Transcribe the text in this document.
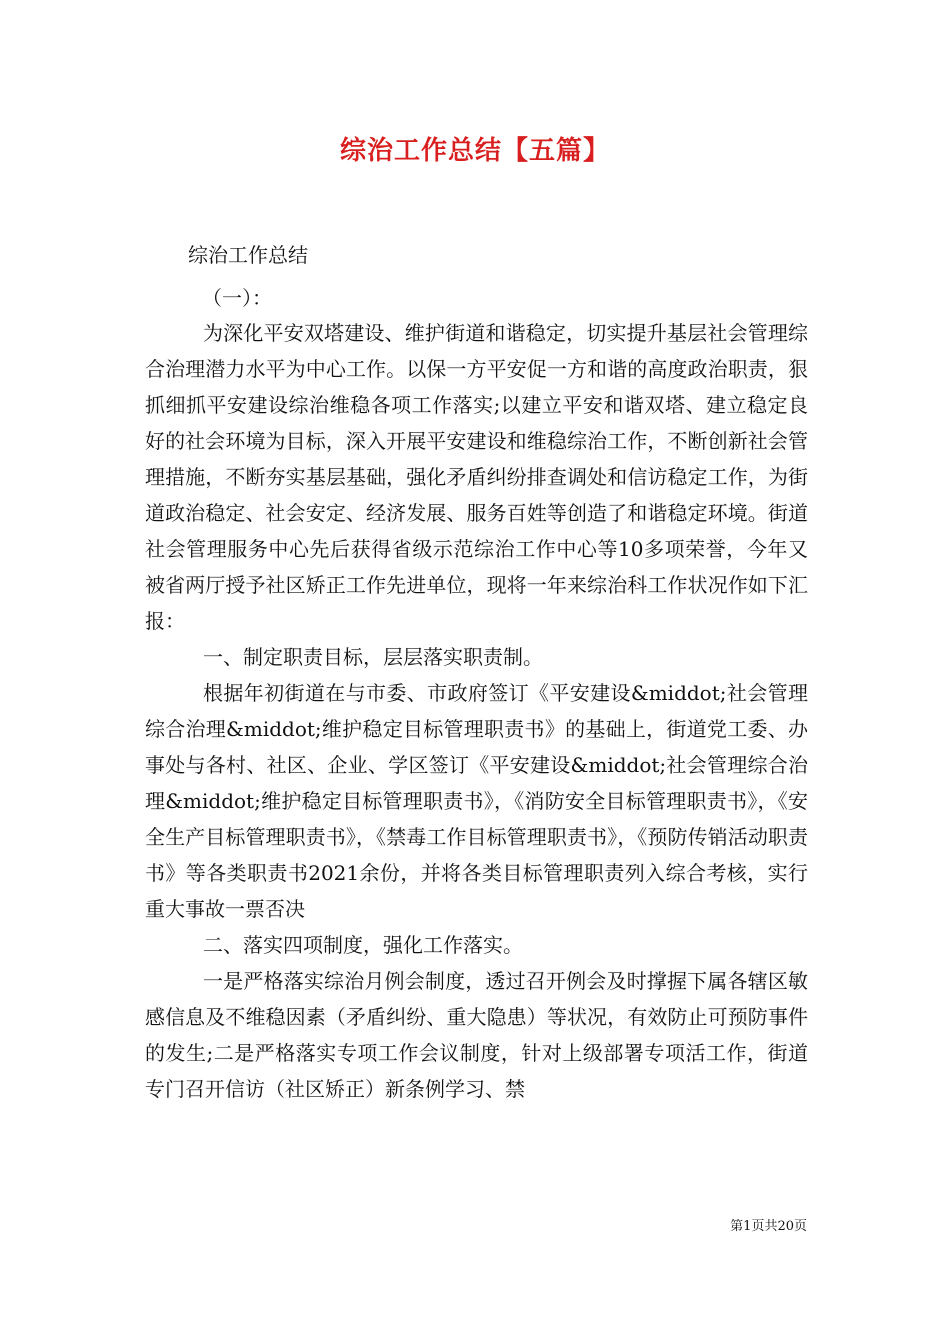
综治工作总结【五篇】

综治工作总结

（一）：

为深化平安双塔建设、维护街道和谐稳定，切实提升基层社会管理综合治理潜力水平为中心工作。以保一方平安促一方和谐的高度政治职责，狠抓细抓平安建设综治维稳各项工作落实;以建立平安和谐双塔、建立稳定良好的社会环境为目标，深入开展平安建设和维稳综治工作，不断创新社会管理措施，不断夯实基层基础，强化矛盾纠纷排查调处和信访稳定工作，为街道政治稳定、社会安定、经济发展、服务百姓等创造了和谐稳定环境。街道社会管理服务中心先后获得省级示范综治工作中心等10多项荣誉，今年又被省两厅授予社区矫正工作先进单位，现将一年来综治科工作状况作如下汇报：

一、制定职责目标，层层落实职责制。

根据年初街道在与市委、市政府签订《平安建设&middot;社会管理综合治理&middot;维护稳定目标管理职责书》的基础上，街道党工委、办事处与各村、社区、企业、学区签订《平安建设&middot;社会管理综合治理&middot;维护稳定目标管理职责书》，《消防安全目标管理职责书》，《安全生产目标管理职责书》，《禁毒工作目标管理职责书》，《预防传销活动职责书》等各类职责书2021余份，并将各类目标管理职责列入综合考核，实行重大事故一票否决

二、落实四项制度，强化工作落实。

一是严格落实综治月例会制度，透过召开例会及时撑握下属各辖区敏感信息及不维稳因素（矛盾纠纷、重大隐患）等状况，有效防止可预防事件的发生;二是严格落实专项工作会议制度，针对上级部署专项活工作，街道专门召开信访（社区矫正）新条例学习、禁

第1页共20页
